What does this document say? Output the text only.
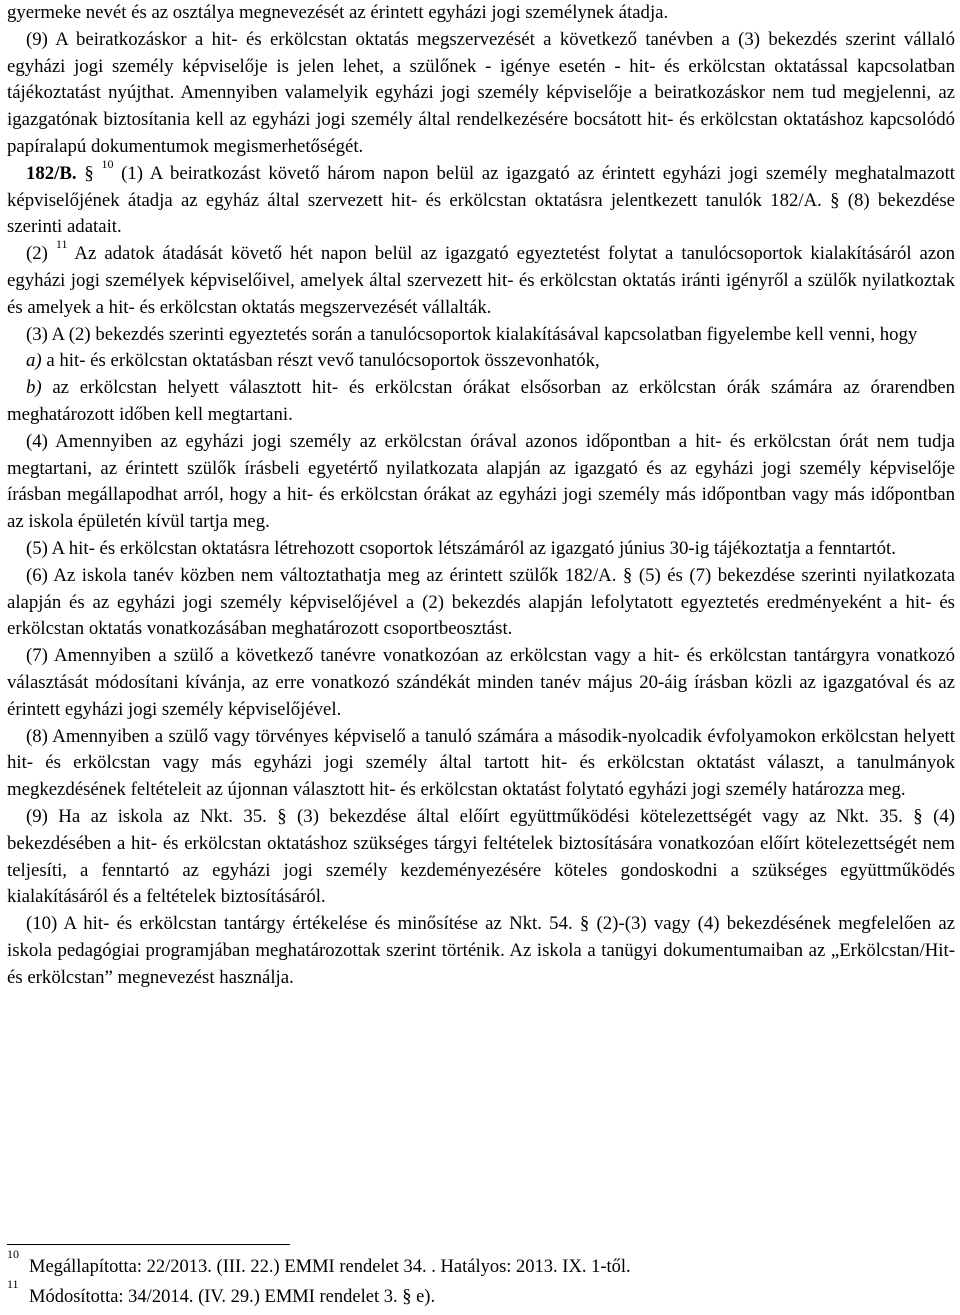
gyermeke nevét és az osztálya megnevezését az érintett egyházi jogi személynek átadja.

(9) A beiratkozáskor a hit- és erkölcstan oktatás megszervezését a következő tanévben a (3) bekezdés szerint vállaló egyházi jogi személy képviselője is jelen lehet, a szülőnek - igénye esetén - hit- és erkölcstan oktatással kapcsolatban tájékoztatást nyújthat. Amennyiben valamelyik egyházi jogi személy képviselője a beiratkozáskor nem tud megjelenni, az igazgatónak biztosítania kell az egyházi jogi személy által rendelkezésére bocsátott hit- és erkölcstan oktatáshoz kapcsolódó papíralapú dokumentumok megismerhetőségét.

182/B. § $^{10}$ (1) A beiratkozást követő három napon belül az igazgató az érintett egyházi jogi személy meghatalmazott képviselőjének átadja az egyház által szervezett hit- és erkölcstan oktatásra jelentkezett tanulók 182/A. § (8) bekezdése szerinti adatait.

(2) $^{11}$ Az adatok átadását követő hét napon belül az igazgató egyeztetést folytat a tanulócsoportok kialakításáról azon egyházi jogi személyek képviselőivel, amelyek által szervezett hit- és erkölcstan oktatás iránti igényről a szülők nyilatkoztak és amelyek a hit- és erkölcstan oktatás megszervezését vállalták.

(3) A (2) bekezdés szerinti egyeztetés során a tanulócsoportok kialakításával kapcsolatban figyelembe kell venni, hogy

a) a hit- és erkölcstan oktatásban részt vevő tanulócsoportok összevonhatók,

b) az erkölcstan helyett választott hit- és erkölcstan órákat elsősorban az erkölcstan órák számára az órarendben meghatározott időben kell megtartani.

(4) Amennyiben az egyházi jogi személy az erkölcstan órával azonos időpontban a hit- és erkölcstan órát nem tudja megtartani, az érintett szülők írásbeli egyetértő nyilatkozata alapján az igazgató és az egyházi jogi személy képviselője írásban megállapodhat arról, hogy a hit- és erkölcstan órákat az egyházi jogi személy más időpontban vagy más időpontban az iskola épületén kívül tartja meg.

(5) A hit- és erkölcstan oktatásra létrehozott csoportok létszámáról az igazgató június 30-ig tájékoztatja a fenntartót.

(6) Az iskola tanév közben nem változtathatja meg az érintett szülők 182/A. § (5) és (7) bekezdése szerinti nyilatkozata alapján és az egyházi jogi személy képviselőjével a (2) bekezdés alapján lefolytatott egyeztetés eredményeként a hit- és erkölcstan oktatás vonatkozásában meghatározott csoportbeosztást.

(7) Amennyiben a szülő a következő tanévre vonatkozóan az erkölcstan vagy a hit- és erkölcstan tantárgyra vonatkozó választását módosítani kívánja, az erre vonatkozó szándékát minden tanév május 20-áig írásban közli az igazgatóval és az érintett egyházi jogi személy képviselőjével.

(8) Amennyiben a szülő vagy törvényes képviselő a tanuló számára a második-nyolcadik évfolyamokon erkölcstan helyett hit- és erkölcstan vagy más egyházi jogi személy által tartott hit- és erkölcstan oktatást választ, a tanulmányok megkezdésének feltételeit az újonnan választott hit- és erkölcstan oktatást folytató egyházi jogi személy határozza meg.

(9) Ha az iskola az Nkt. 35. § (3) bekezdése által előírt együttműködési kötelezettségét vagy az Nkt. 35. § (4) bekezdésében a hit- és erkölcstan oktatáshoz szükséges tárgyi feltételek biztosítására vonatkozóan előírt kötelezettségét nem teljesíti, a fenntartó az egyházi jogi személy kezdeményezésére köteles gondoskodni a szükséges együttműködés kialakításáról és a feltételek biztosításáról.

(10) A hit- és erkölcstan tantárgy értékelése és minősítése az Nkt. 54. § (2)-(3) vagy (4) bekezdésének megfelelően az iskola pedagógiai programjában meghatározottak szerint történik. Az iskola a tanügyi dokumentumaiban az „Erkölcstan/Hit- és erkölcstan” megnevezést használja.

10Megállapította: 22/2013. (III. 22.) EMMI rendelet 34. . Hatályos: 2013. IX. 1-től.
11Módosította: 34/2014. (IV. 29.) EMMI rendelet 3. § e).
